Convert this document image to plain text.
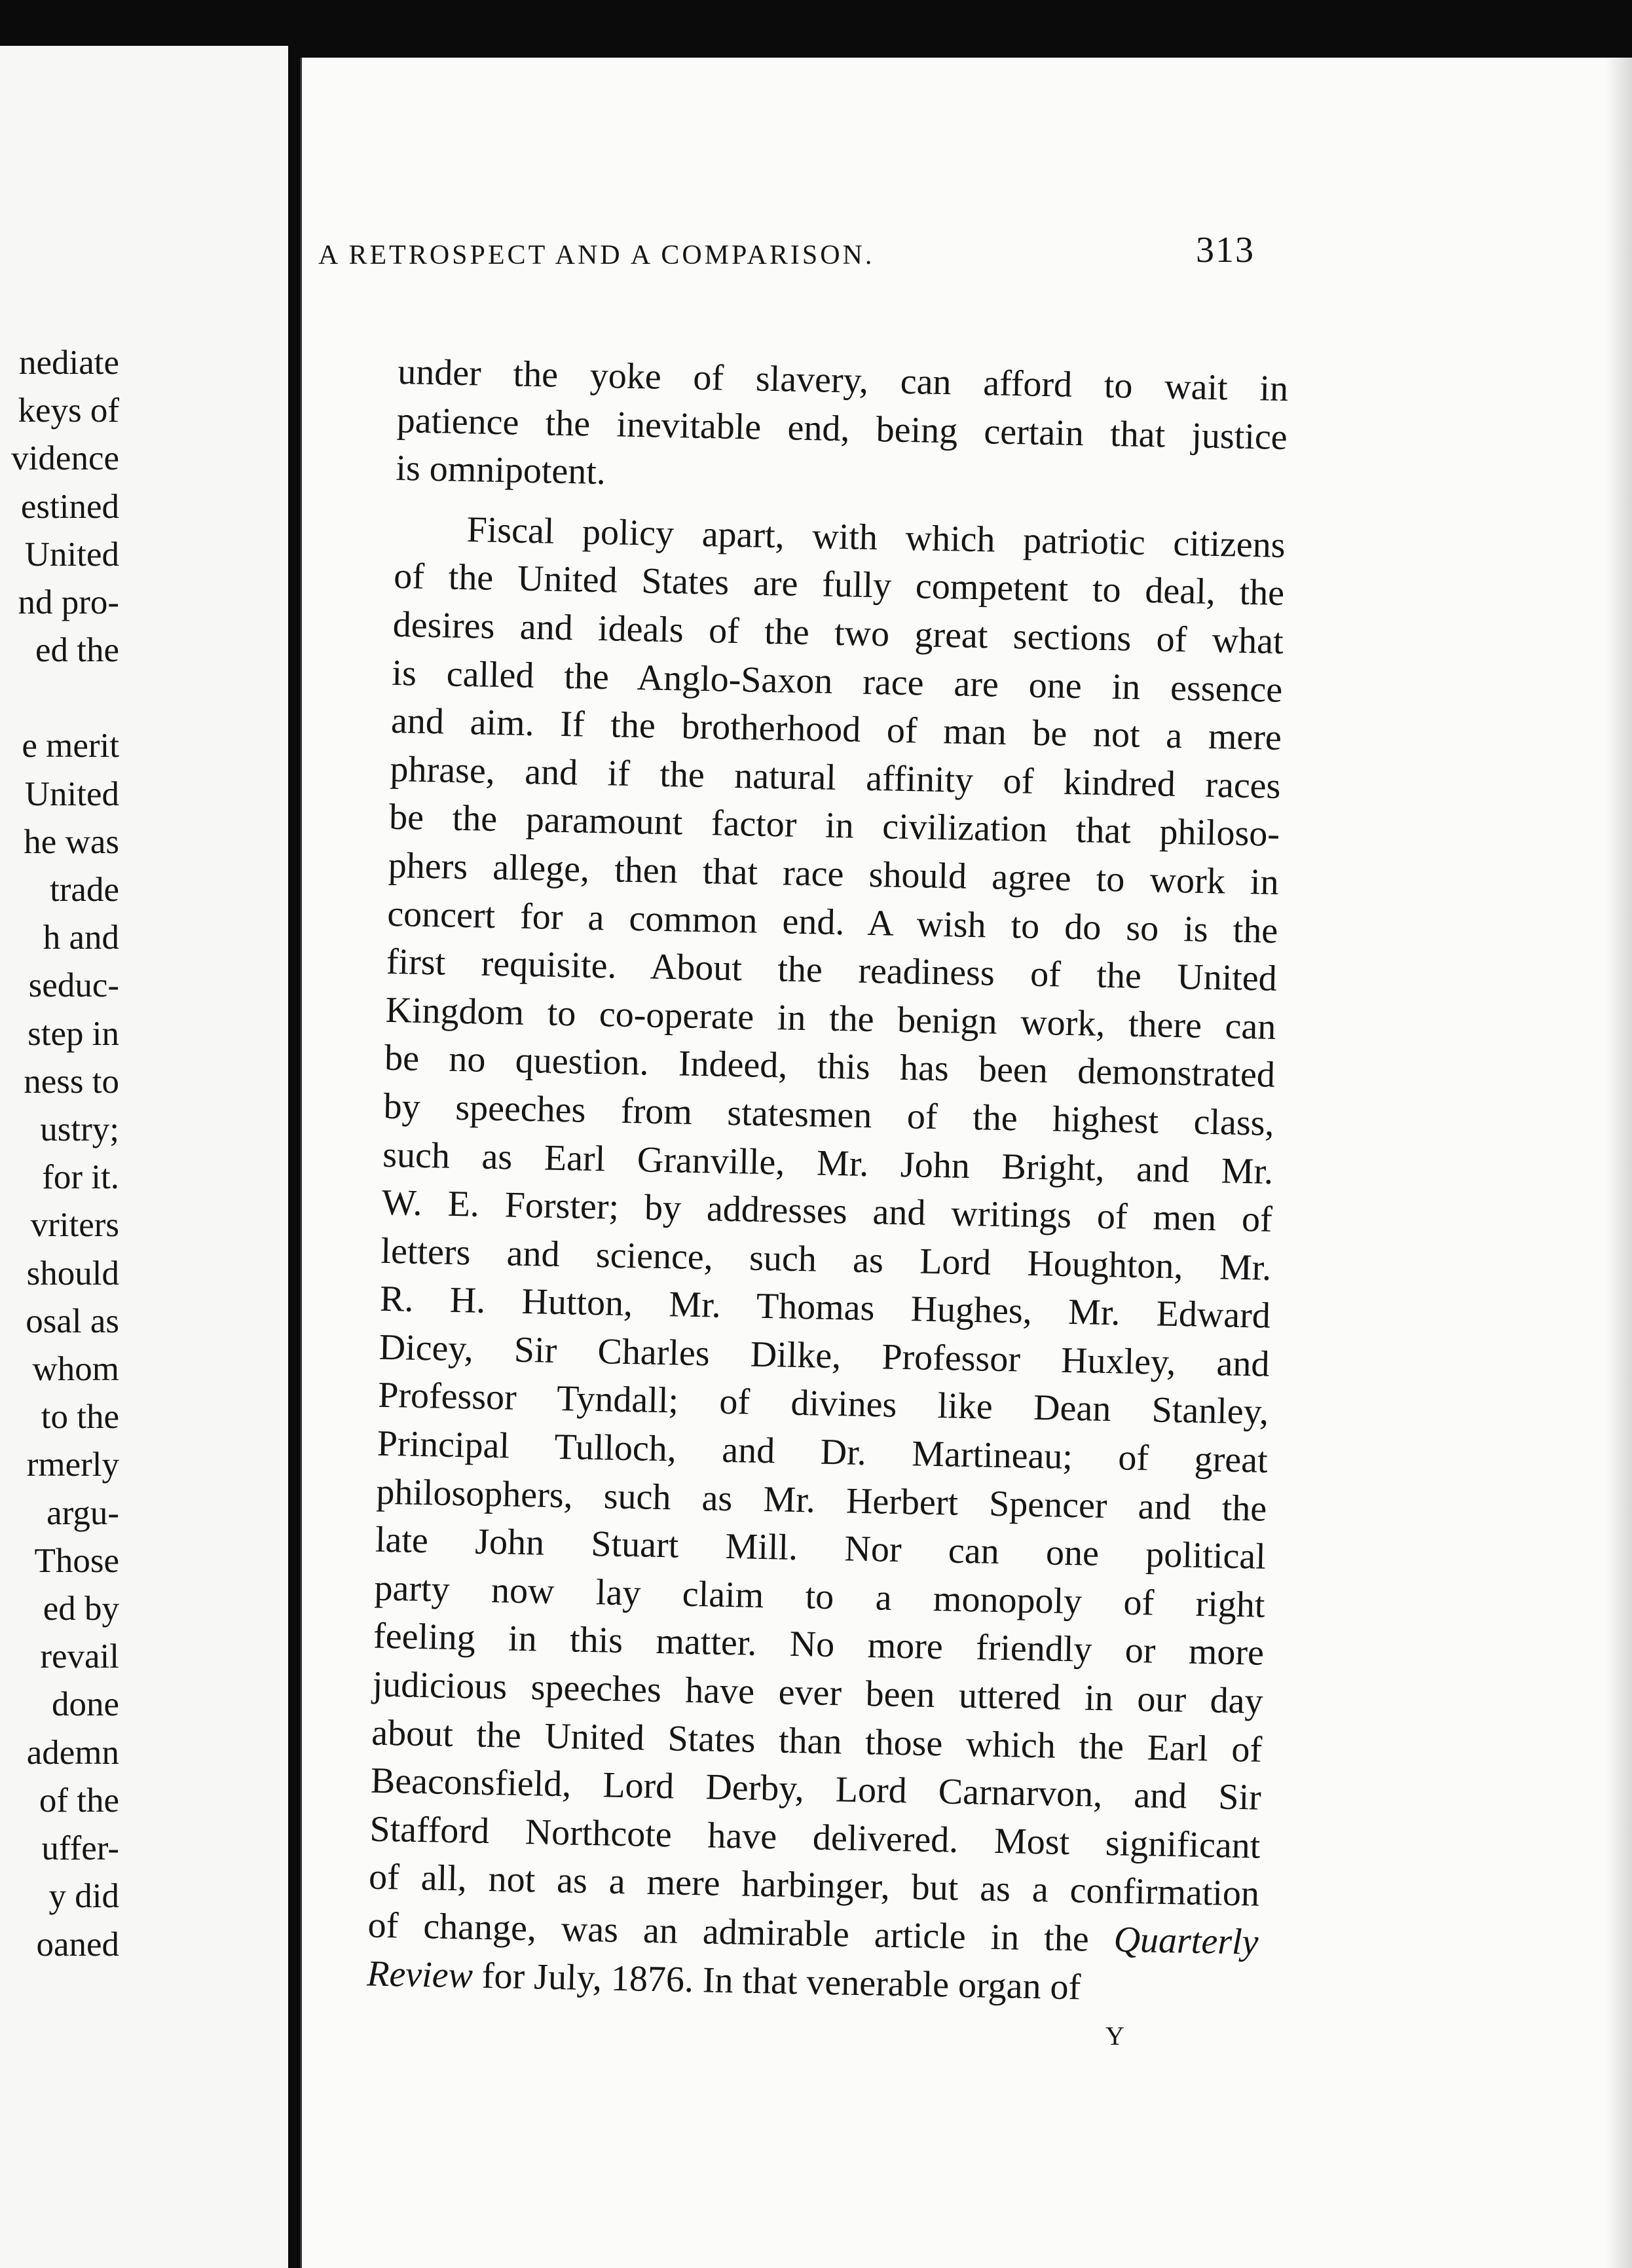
nediate
keys of
vidence
estined
United
nd pro-
ed the

e merit
United
he was
trade
h and
seduc-
step in
ness to
ustry;
for it.
vriters
should
osal as
whom
to the
rmerly
argu-
Those
ed by
revail
done
ademn
of the
uffer-
y did
oaned
A RETROSPECT AND A COMPARISON.	313

under the yoke of slavery, can afford to wait in
patience the inevitable end, being certain that justice
is omnipotent.

Fiscal policy apart, with which patriotic citizens
of the United States are fully competent to deal, the
desires and ideals of the two great sections of what
is called the Anglo-Saxon race are one in essence
and aim. If the brotherhood of man be not a mere
phrase, and if the natural affinity of kindred races
be the paramount factor in civilization that philoso-
phers allege, then that race should agree to work in
concert for a common end. A wish to do so is the
first requisite. About the readiness of the United
Kingdom to co-operate in the benign work, there can
be no question. Indeed, this has been demonstrated
by speeches from statesmen of the highest class,
such as Earl Granville, Mr. John Bright, and Mr.
W. E. Forster; by addresses and writings of men of
letters and science, such as Lord Houghton, Mr.
R. H. Hutton, Mr. Thomas Hughes, Mr. Edward
Dicey, Sir Charles Dilke, Professor Huxley, and
Professor Tyndall; of divines like Dean Stanley,
Principal Tulloch, and Dr. Martineau; of great
philosophers, such as Mr. Herbert Spencer and the
late John Stuart Mill. Nor can one political
party now lay claim to a monopoly of right
feeling in this matter. No more friendly or more
judicious speeches have ever been uttered in our day
about the United States than those which the Earl of
Beaconsfield, Lord Derby, Lord Carnarvon, and Sir
Stafford Northcote have delivered. Most significant
of all, not as a mere harbinger, but as a confirmation
of change, was an admirable article in the Quarterly
Review for July, 1876. In that venerable organ of

Y
